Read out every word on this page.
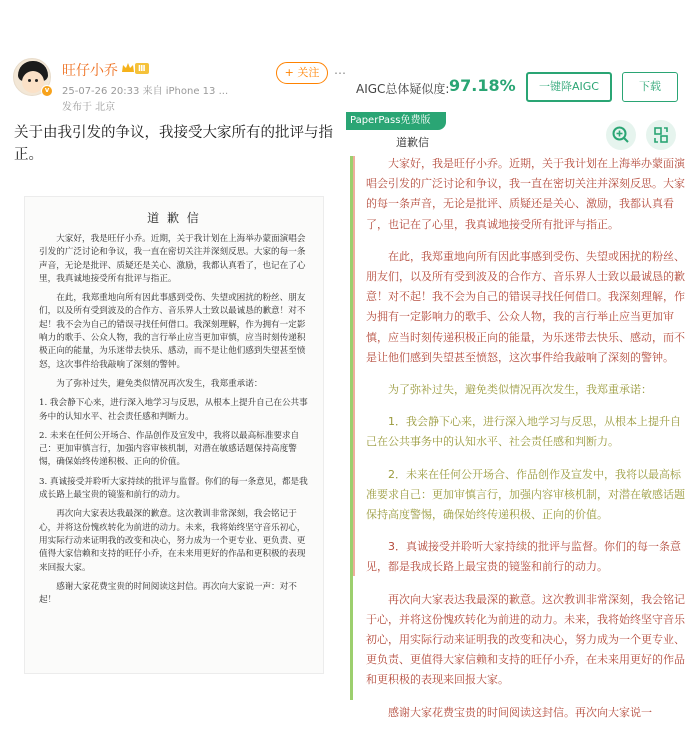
v
旺仔小乔	Ⅲ
25-07-26 20:33 来自 iPhone 13 ...
发布于 北京
+ 关注	⋯
关于由我引发的争议，我接受大家所有的批评与指正。
道 歉 信

大家好，我是旺仔小乔。近期，关于我计划在上海举办蒙面演唱会引发的广泛讨论和争议，我一直在密切关注并深刻反思。大家的每一条声音，无论是批评、质疑还是关心、激励，我都认真看了，也记在了心里，我真诚地接受所有批评与指正。

在此，我郑重地向所有因此事感到受伤、失望或困扰的粉丝、朋友们，以及所有受到波及的合作方、音乐界人士致以最诚恳的歉意！对不起！我不会为自己的错误寻找任何借口。我深刻理解，作为拥有一定影响力的歌手、公众人物，我的言行举止应当更加审慎，应当时刻传递积极正向的能量，为乐迷带去快乐、感动，而不是让他们感到失望甚至愤怒，这次事件给我敲响了深刻的警钟。

为了弥补过失，避免类似情况再次发生，我郑重承诺：

1. 我会静下心来，进行深入地学习与反思，从根本上提升自己在公共事务中的认知水平、社会责任感和判断力。

2. 未来在任何公开场合、作品创作及宣发中，我将以最高标准要求自己：更加审慎言行，加强内容审核机制，对潜在敏感话题保持高度警惕，确保始终传递积极、正向的价值。

3. 真诚接受并聆听大家持续的批评与监督。你们的每一条意见，都是我成长路上最宝贵的镜鉴和前行的动力。

再次向大家表达我最深的歉意。这次教训非常深刻，我会铭记于心，并将这份愧疚转化为前进的动力。未来，我将始终坚守音乐初心，用实际行动来证明我的改变和决心，努力成为一个更专业、更负责、更值得大家信赖和支持的旺仔小乔，在未来用更好的作品和更积极的表现来回报大家。

感谢大家花费宝贵的时间阅读这封信。再次向大家说一声：对不起！

AIGC总体疑似度: 97.18%	一键降AIGC	下载
PaperPass免费版
道歉信

大家好，我是旺仔小乔。近期，关于我计划在上海举办蒙面演唱会引发的广泛讨论和争议，我一直在密切关注并深刻反思。大家的每一条声音，无论是批评、质疑还是关心、激励，我都认真看了，也记在了心里，我真诚地接受所有批评与指正。

在此，我郑重地向所有因此事感到受伤、失望或困扰的粉丝、朋友们，以及所有受到波及的合作方、音乐界人士致以最诚恳的歉意！对不起！我不会为自己的错误寻找任何借口。我深刻理解，作为拥有一定影响力的歌手、公众人物，我的言行举止应当更加审慎，应当时刻传递积极正向的能量，为乐迷带去快乐、感动，而不是让他们感到失望甚至愤怒，这次事件给我敲响了深刻的警钟。

为了弥补过失，避免类似情况再次发生，我郑重承诺：

1．我会静下心来，进行深入地学习与反思，从根本上提升自己在公共事务中的认知水平、社会责任感和判断力。

2．未来在任何公开场合、作品创作及宣发中，我将以最高标准要求自己：更加审慎言行，加强内容审核机制，对潜在敏感话题保持高度警惕，确保始终传递积极、正向的价值。

3．真诚接受并聆听大家持续的批评与监督。你们的每一条意见，都是我成长路上最宝贵的镜鉴和前行的动力。

再次向大家表达我最深的歉意。这次教训非常深刻，我会铭记于心，并将这份愧疚转化为前进的动力。未来，我将始终坚守音乐初心，用实际行动来证明我的改变和决心，努力成为一个更专业、更负责、更值得大家信赖和支持的旺仔小乔，在未来用更好的作品和更积极的表现来回报大家。

感谢大家花费宝贵的时间阅读这封信。再次向大家说一
